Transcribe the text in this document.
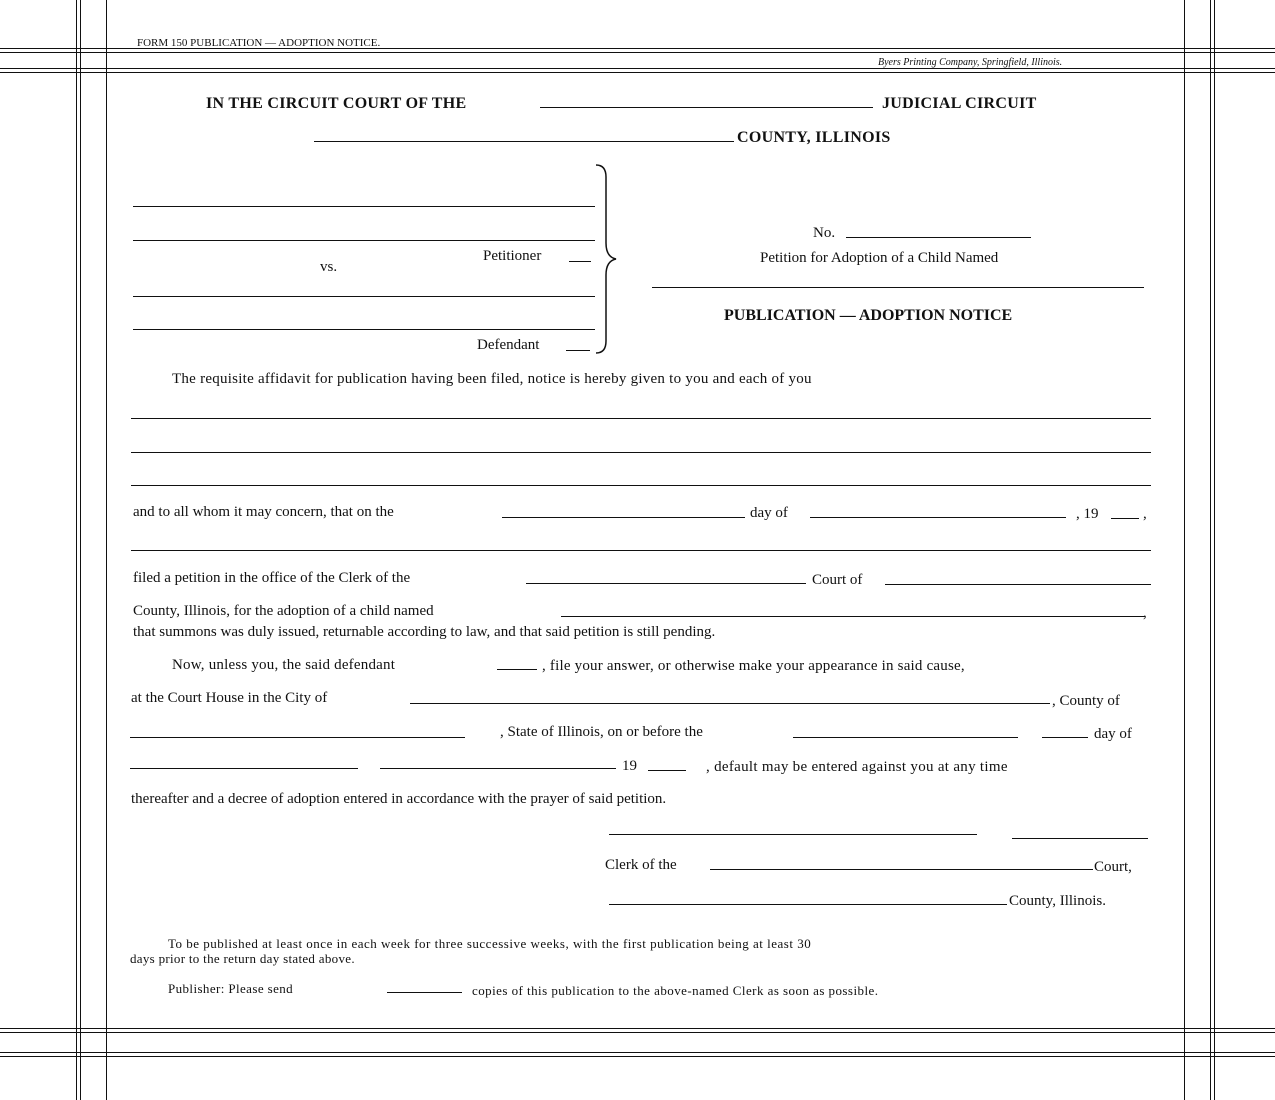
FORM 150 PUBLICATION — ADOPTION NOTICE.
Byers Printing Company, Springfield, Illinois.
IN THE CIRCUIT COURT OF THE	JUDICIAL CIRCUIT
COUNTY, ILLINOIS
Petitioner
vs.
Defendant
No.
Petition for Adoption of a Child Named
PUBLICATION — ADOPTION NOTICE
The requisite affidavit for publication having been filed, notice is hereby given to you and each of you
and to all whom it may concern, that on the	day of	, 19	,
filed a petition in the office of the Clerk of the	Court of
County, Illinois, for the adoption of a child named	,
that summons was duly issued, returnable according to law, and that said petition is still pending.
Now, unless you, the said defendant	, file your answer, or otherwise make your appearance in said cause,
at the Court House in the City of	, County of
, State of Illinois, on or before the	day of
19	, default may be entered against you at any time
thereafter and a decree of adoption entered in accordance with the prayer of said petition.
Clerk of the	Court,
County, Illinois.
To be published at least once in each week for three successive weeks, with the first publication being at least 30
days prior to the return day stated above.
Publisher: Please send	copies of this publication to the above-named Clerk as soon as possible.
